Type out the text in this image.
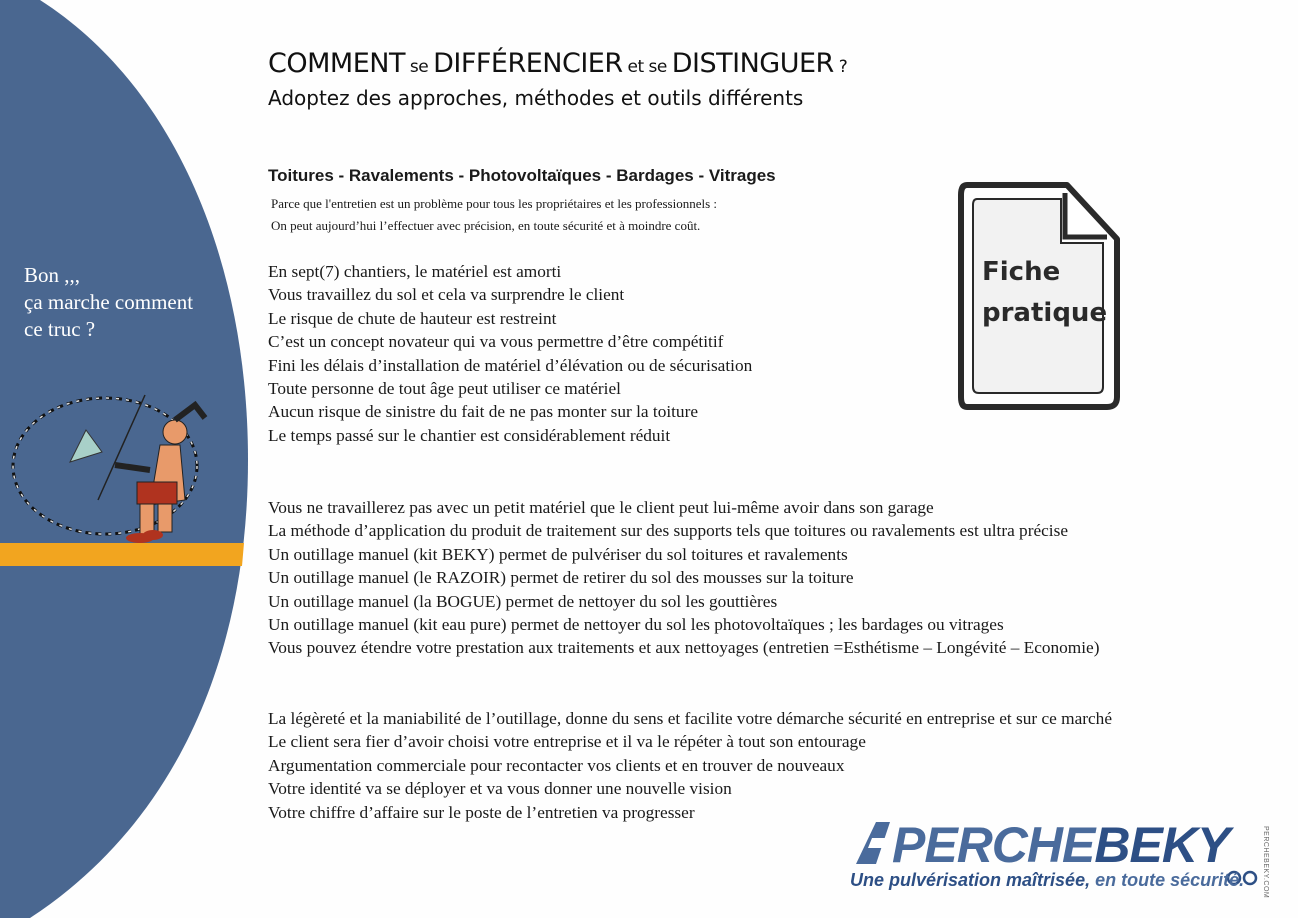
Bon ,,,
ça marche comment
ce truc ?
COMMENT se DIFFÉRENCIER et se DISTINGUER ?
Adoptez des approches, méthodes et outils différents
Toitures - Ravalements - Photovoltaïques - Bardages - Vitrages
Parce que l'entretien est un problème pour tous les propriétaires et les professionnels :
On peut aujourd’hui l’effectuer avec précision, en toute sécurité et à moindre coût.
En sept(7) chantiers, le matériel est amorti
Vous travaillez du sol et cela va surprendre le client
Le risque de chute de hauteur est restreint
C’est un concept novateur qui va vous permettre d’être compétitif
Fini les délais d’installation de matériel d’élévation ou de sécurisation
Toute personne de tout âge peut utiliser ce matériel
Aucun risque de sinistre du fait de ne pas monter sur la toiture
Le temps passé sur le chantier est considérablement réduit
Vous ne travaillerez pas avec un petit matériel que le client peut lui-même avoir dans son garage
La méthode d’application du produit de traitement sur des supports tels que toitures ou ravalements est ultra précise
Un outillage manuel (kit BEKY) permet de pulvériser du sol toitures et ravalements
Un outillage manuel (le RAZOIR) permet de retirer du sol des mousses sur la toiture
Un outillage manuel (la BOGUE) permet de nettoyer du sol les gouttières
Un outillage manuel (kit eau pure) permet de nettoyer du sol les photovoltaïques ; les bardages ou vitrages
Vous pouvez étendre votre prestation aux traitements et aux nettoyages (entretien =Esthétisme – Longévité – Economie)
La légèreté et la maniabilité de l’outillage, donne du sens et facilite votre démarche sécurité en entreprise et sur ce marché
Le client sera fier d’avoir choisi votre entreprise et il va le répéter à tout son entourage
Argumentation commerciale pour recontacter vos clients et en trouver de nouveaux
Votre identité va se déployer et va vous donner une nouvelle vision
Votre chiffre d’affaire sur le poste de l’entretien va progresser
Fiche
pratique
PERCHEBEKY
Une pulvérisation maîtrisée, en toute sécurité.	PERCHEBEKY.COM
